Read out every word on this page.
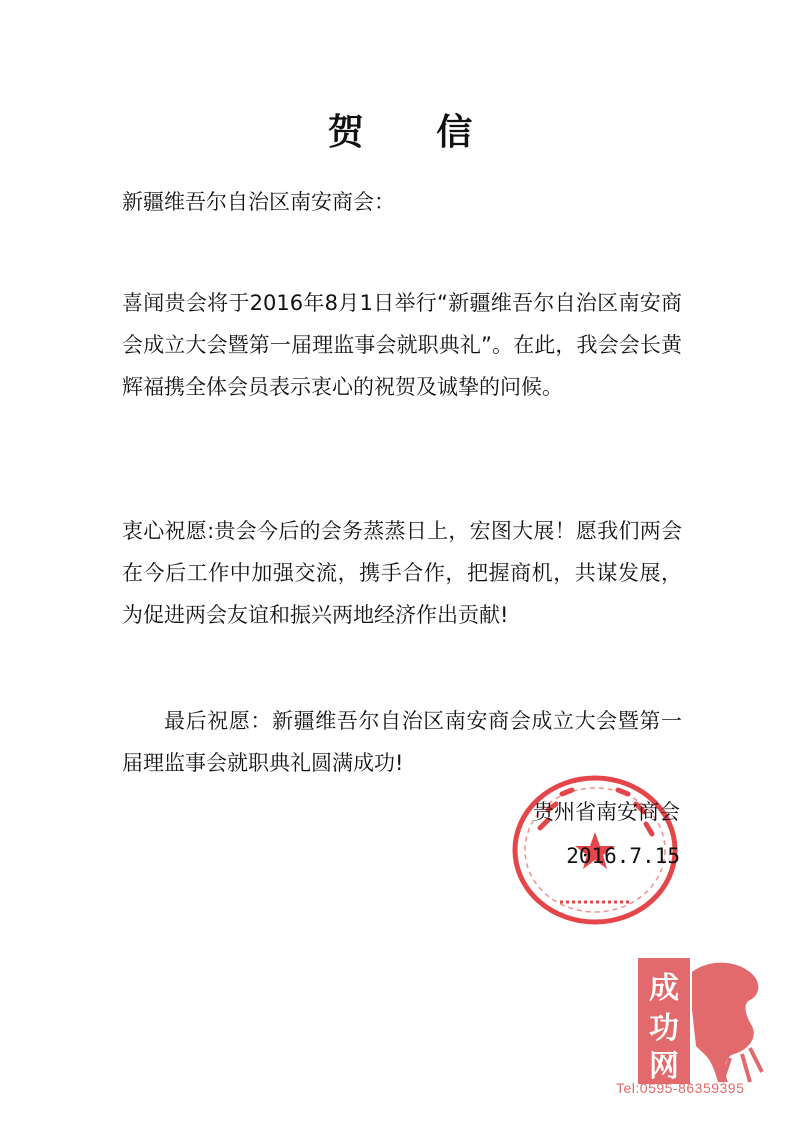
贺 信
新疆维吾尔自治区南安商会：
喜闻贵会将于2016年8月1日举行“新疆维吾尔自治区南安商会成立大会暨第一届理监事会就职典礼”。在此，我会会长黄辉福携全体会员表示衷心的祝贺及诚挚的问候。
衷心祝愿:贵会今后的会务蒸蒸日上，宏图大展！愿我们两会在今后工作中加强交流，携手合作，把握商机，共谋发展，为促进两会友谊和振兴两地经济作出贡献!
最后祝愿：新疆维吾尔自治区南安商会成立大会暨第一届理监事会就职典礼圆满成功!
贵州省南安商会
2016.7.15
成
功
网
Tel:0595-86359395
